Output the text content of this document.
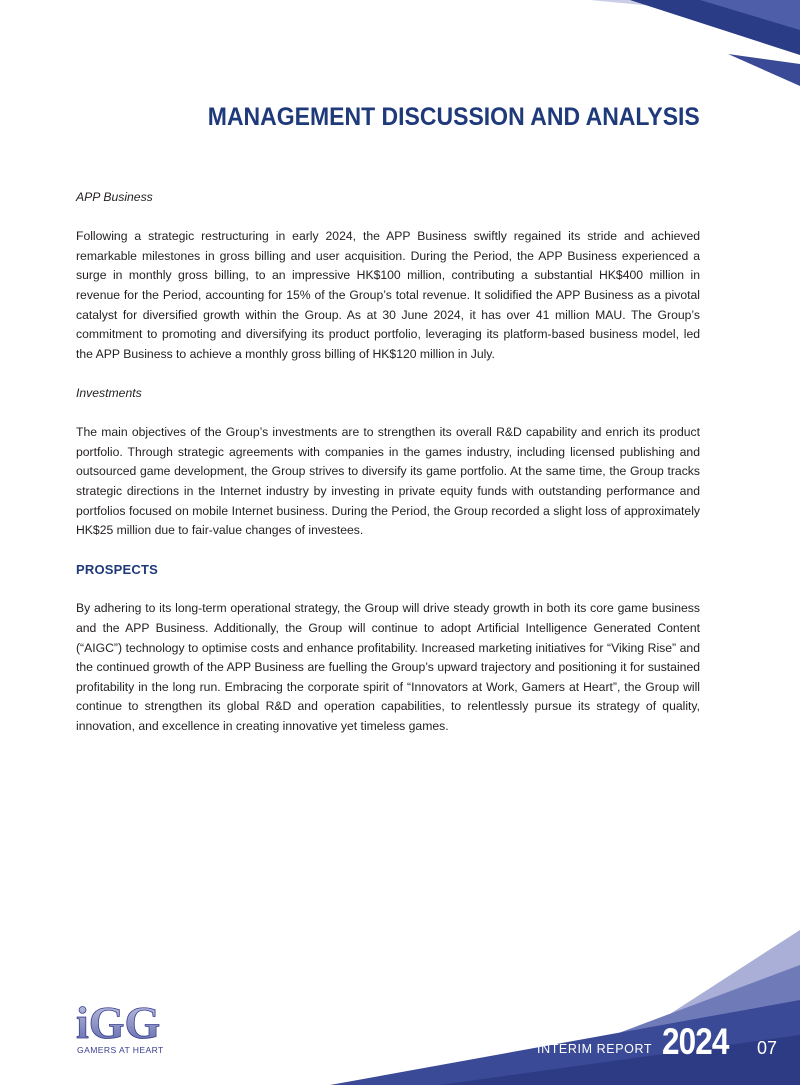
MANAGEMENT DISCUSSION AND ANALYSIS

APP Business

Following a strategic restructuring in early 2024, the APP Business swiftly regained its stride and achieved remarkable milestones in gross billing and user acquisition. During the Period, the APP Business experienced a surge in monthly gross billing, to an impressive HK$100 million, contributing a substantial HK$400 million in revenue for the Period, accounting for 15% of the Group’s total revenue. It solidified the APP Business as a pivotal catalyst for diversified growth within the Group. As at 30 June 2024, it has over 41 million MAU. The Group’s commitment to promoting and diversifying its product portfolio, leveraging its platform-based business model, led the APP Business to achieve a monthly gross billing of HK$120 million in July.

Investments

The main objectives of the Group’s investments are to strengthen its overall R&D capability and enrich its product portfolio. Through strategic agreements with companies in the games industry, including licensed publishing and outsourced game development, the Group strives to diversify its game portfolio. At the same time, the Group tracks strategic directions in the Internet industry by investing in private equity funds with outstanding performance and portfolios focused on mobile Internet business. During the Period, the Group recorded a slight loss of approximately HK$25 million due to fair-value changes of investees.

PROSPECTS

By adhering to its long-term operational strategy, the Group will drive steady growth in both its core game business and the APP Business. Additionally, the Group will continue to adopt Artificial Intelligence Generated Content (“AIGC”) technology to optimise costs and enhance profitability. Increased marketing initiatives for “Viking Rise” and the continued growth of the APP Business are fuelling the Group’s upward trajectory and positioning it for sustained profitability in the long run. Embracing the corporate spirit of “Innovators at Work, Gamers at Heart”, the Group will continue to strengthen its global R&D and operation capabilities, to relentlessly pursue its strategy of quality, innovation, and excellence in creating innovative yet timeless games.

iGG
GAMERS AT HEART	INTERIM REPORT 2024 07
